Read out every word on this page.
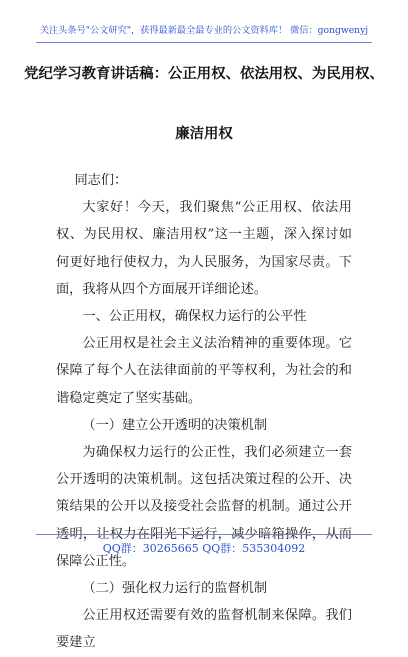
关注头条号"公文研究"，获得最新最全最专业的公文资料库！ 微信：gongwenyj
党纪学习教育讲话稿：公正用权、依法用权、为民用权、
廉洁用权

同志们：

大家好！今天，我们聚焦“公正用权、依法用权、为民用权、廉洁用权”这一主题，深入探讨如何更好地行使权力，为人民服务，为国家尽责。下面，我将从四个方面展开详细论述。

一、公正用权，确保权力运行的公平性

公正用权是社会主义法治精神的重要体现。它保障了每个人在法律面前的平等权利，为社会的和谐稳定奠定了坚实基础。

（一）建立公开透明的决策机制

为确保权力运行的公正性，我们必须建立一套公开透明的决策机制。这包括决策过程的公开、决策结果的公开以及接受社会监督的机制。通过公开透明，让权力在阳光下运行，减少暗箱操作，从而保障公正性。

（二）强化权力运行的监督机制

公正用权还需要有效的监督机制来保障。我们要建立

QQ群：30265665 QQ群：535304092
